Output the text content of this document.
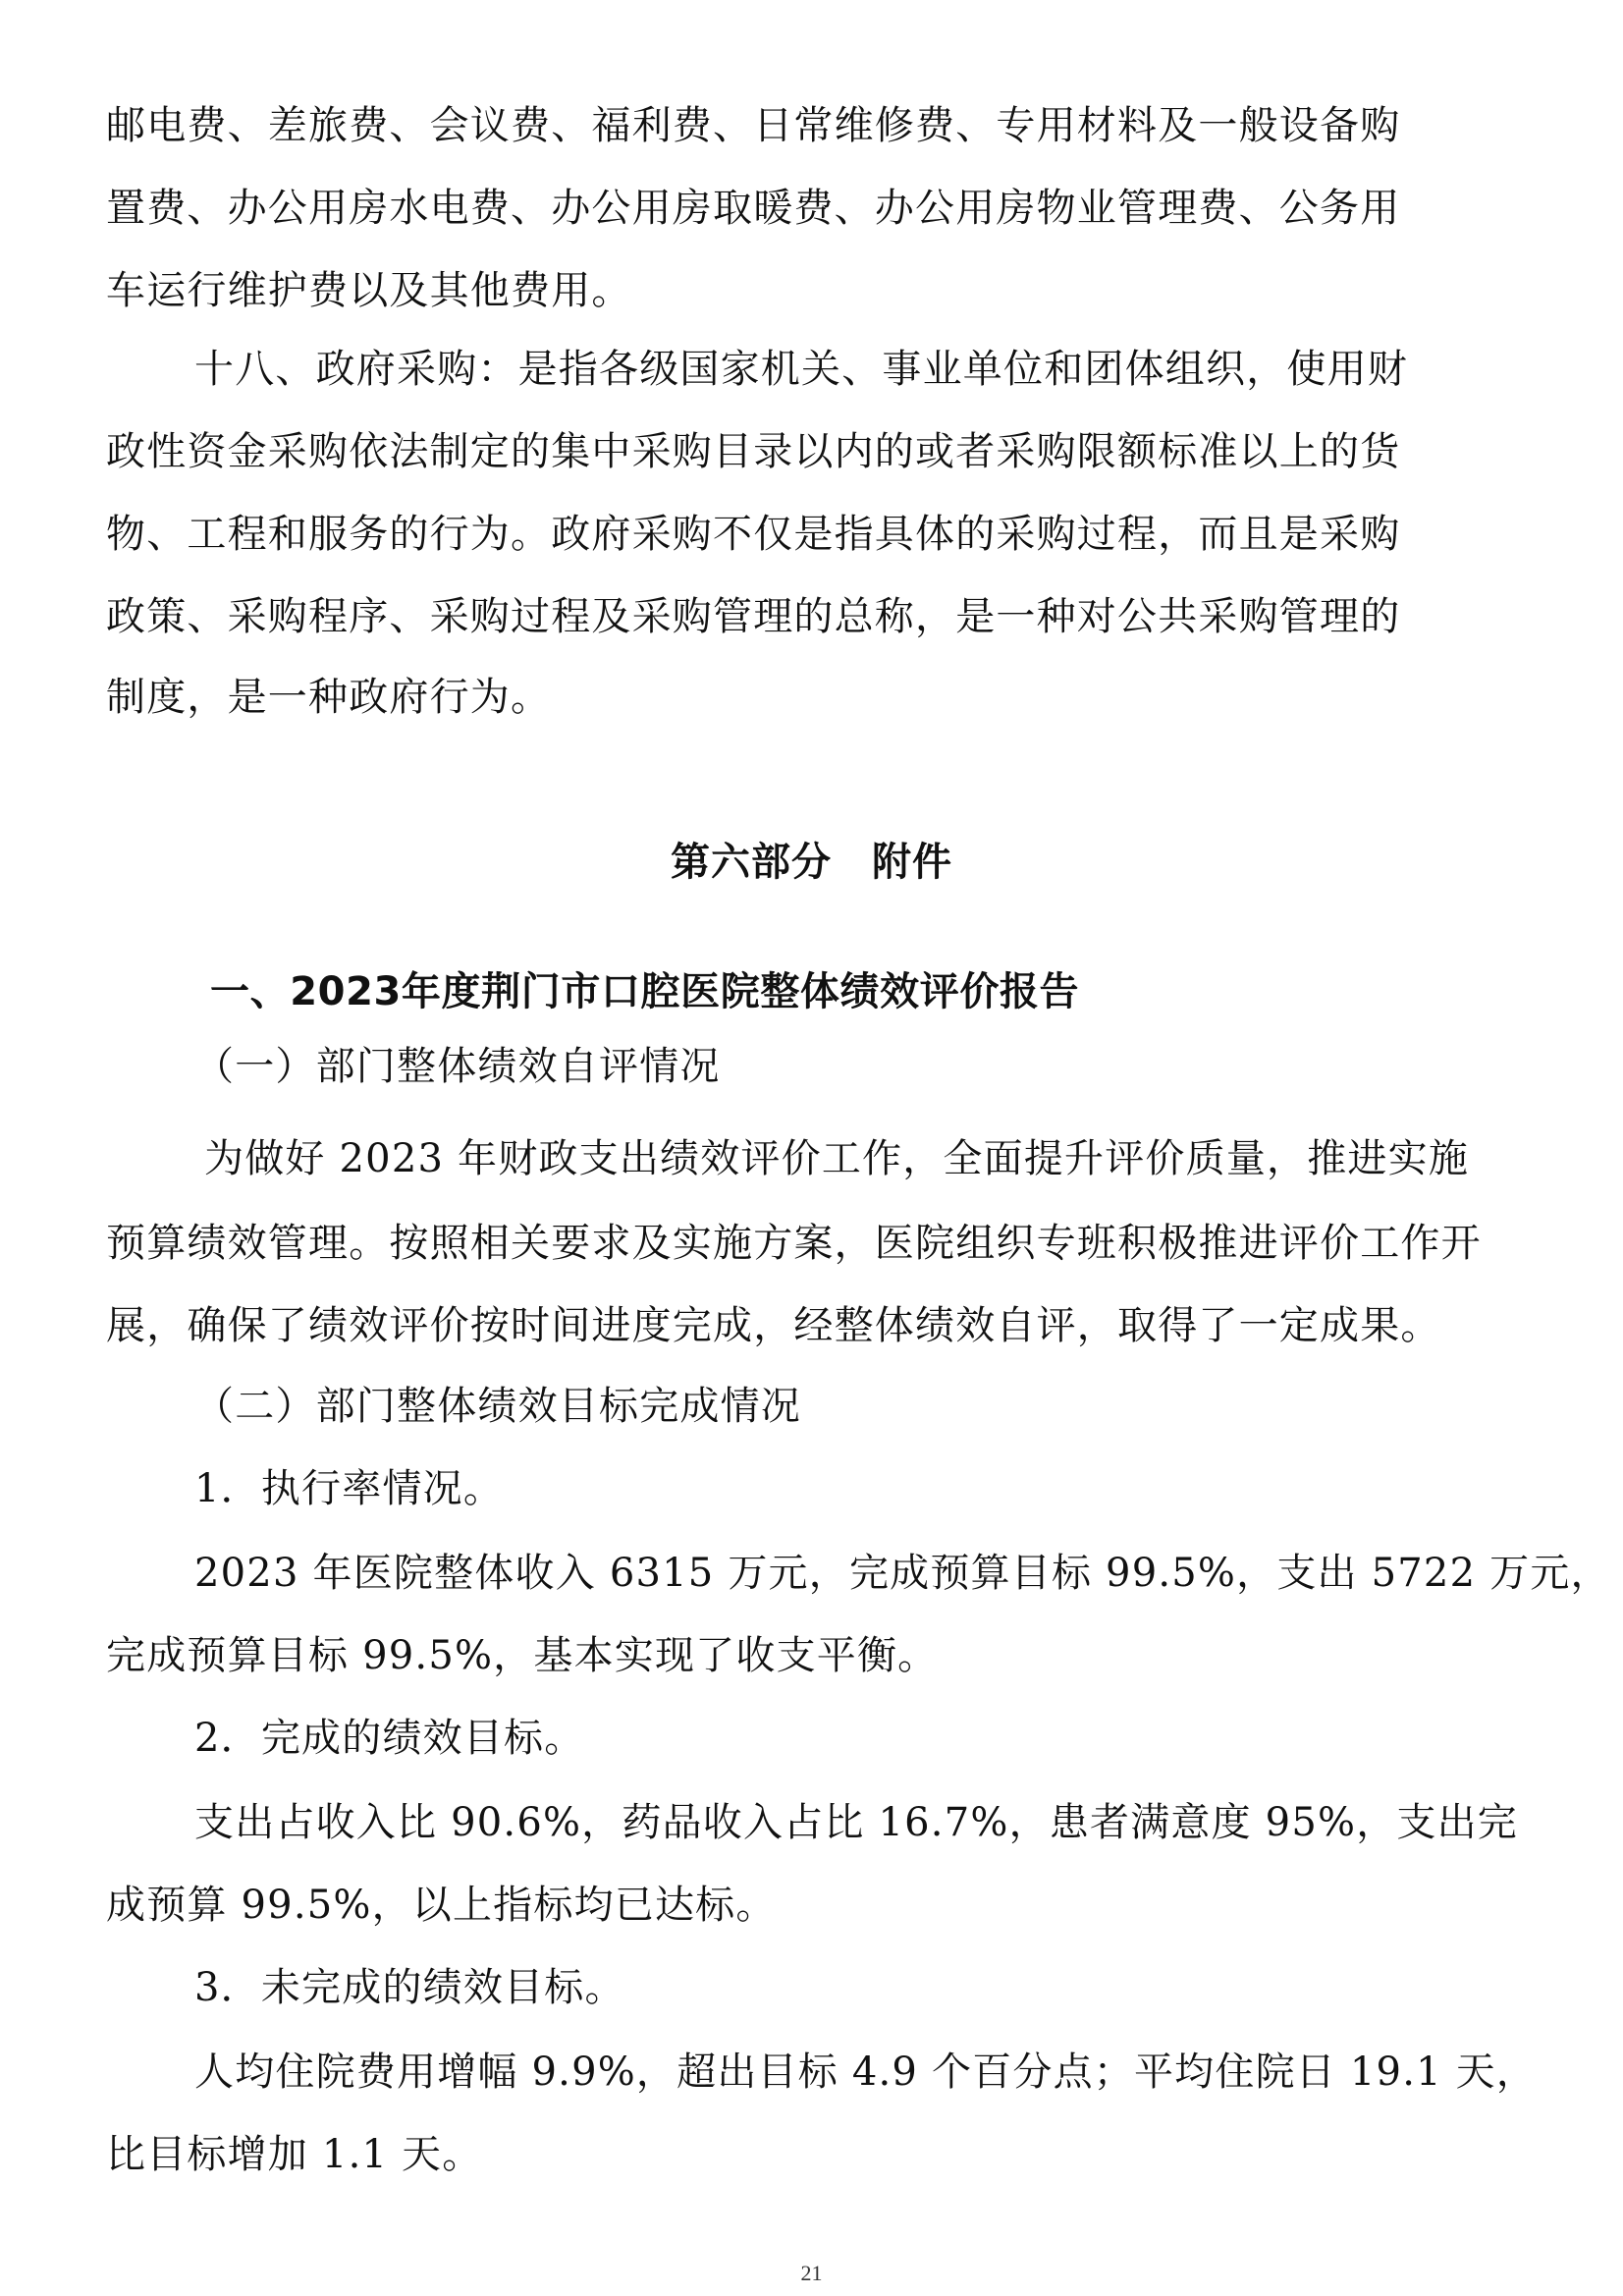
邮电费、差旅费、会议费、福利费、日常维修费、专用材料及一般设备购
置费、办公用房水电费、办公用房取暖费、办公用房物业管理费、公务用
车运行维护费以及其他费用。
十八、政府采购：是指各级国家机关、事业单位和团体组织，使用财
政性资金采购依法制定的集中采购目录以内的或者采购限额标准以上的货
物、工程和服务的行为。政府采购不仅是指具体的采购过程，而且是采购
政策、采购程序、采购过程及采购管理的总称，是一种对公共采购管理的
制度，是一种政府行为。
第六部分　附件
一、2023年度荆门市口腔医院整体绩效评价报告
（一）部门整体绩效自评情况
为做好 2023 年财政支出绩效评价工作，全面提升评价质量，推进实施
预算绩效管理。按照相关要求及实施方案，医院组织专班积极推进评价工作开
展，确保了绩效评价按时间进度完成，经整体绩效自评，取得了一定成果。
（二）部门整体绩效目标完成情况
1．执行率情况。
2023 年医院整体收入 6315 万元，完成预算目标 99.5%，支出 5722 万元，
完成预算目标 99.5%，基本实现了收支平衡。
2．完成的绩效目标。
支出占收入比 90.6%，药品收入占比 16.7%，患者满意度 95%，支出完
成预算 99.5%，以上指标均已达标。
3．未完成的绩效目标。
人均住院费用增幅 9.9%，超出目标 4.9 个百分点；平均住院日 19.1 天，
比目标增加 1.1 天。
21
